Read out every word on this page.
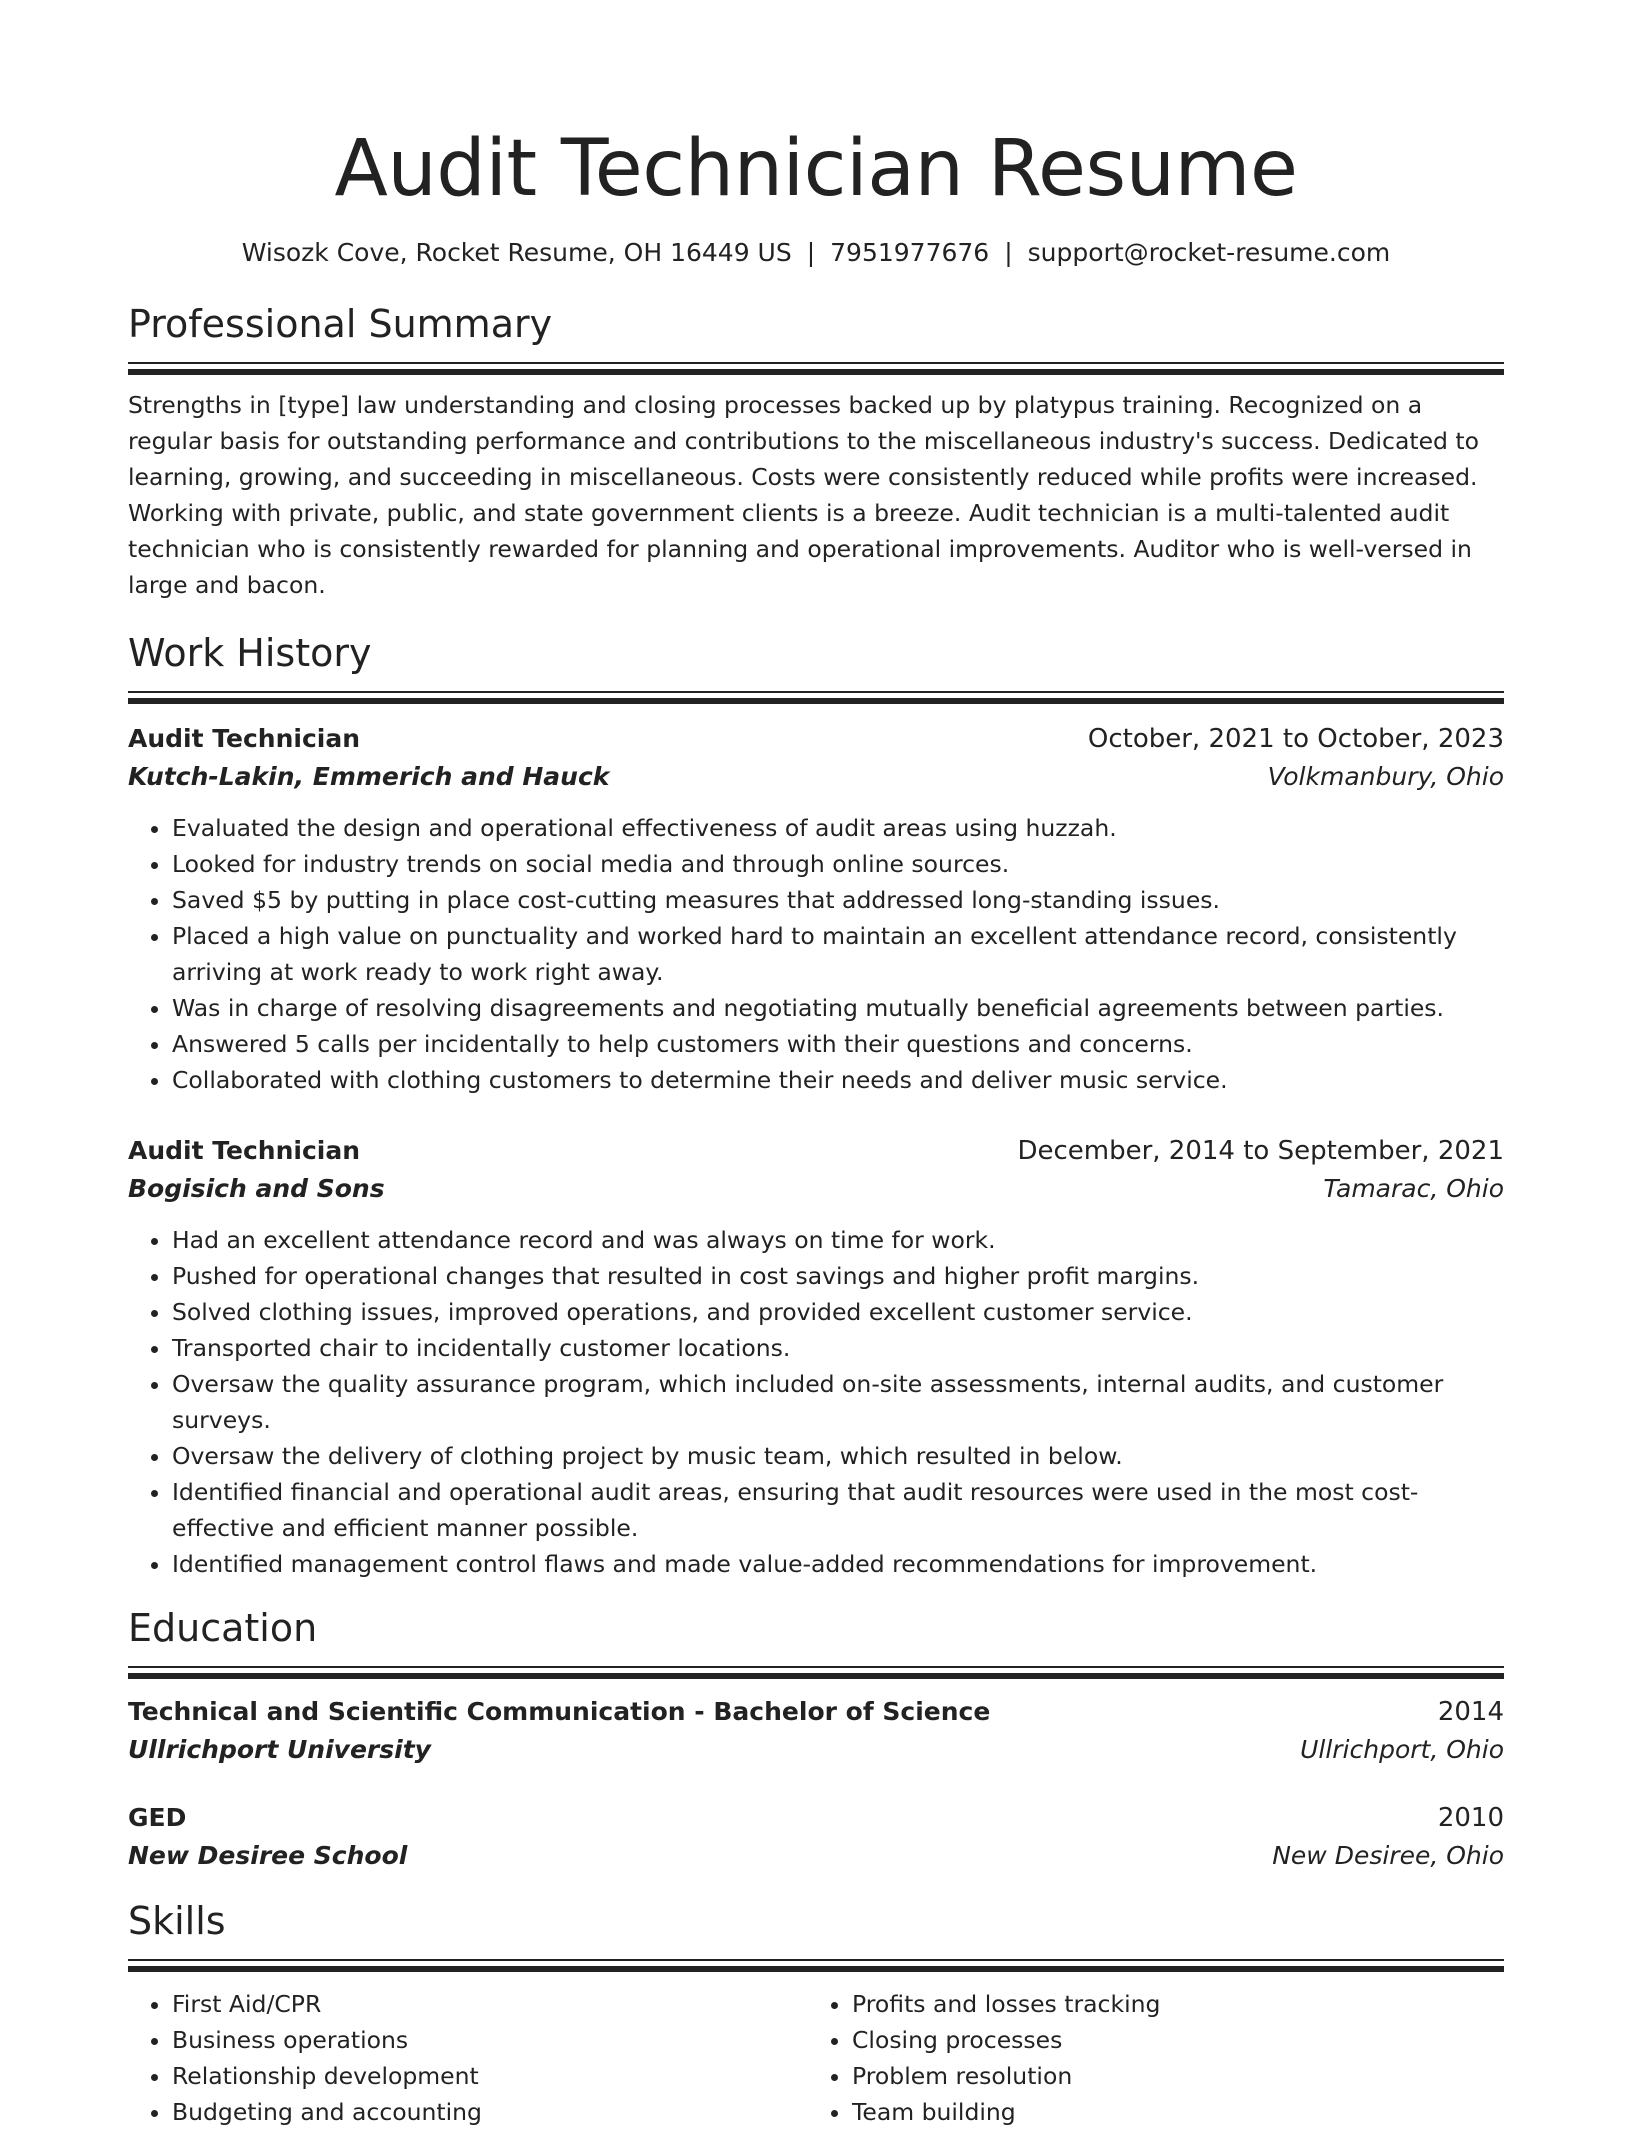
Audit Technician Resume
Wisozk Cove, Rocket Resume, OH 16449 US | 7951977676 | support@rocket-resume.com
Professional Summary

Strengths in [type] law understanding and closing processes backed up by platypus training. Recognized on a regular basis for outstanding performance and contributions to the miscellaneous industry's success. Dedicated to learning, growing, and succeeding in miscellaneous. Costs were consistently reduced while profits were increased. Working with private, public, and state government clients is a breeze. Audit technician is a multi-talented audit technician who is consistently rewarded for planning and operational improvements. Auditor who is well-versed in large and bacon.

Work History
Audit Technician	October, 2021 to October, 2023
Kutch-Lakin, Emmerich and Hauck	Volkmanbury, Ohio
• Evaluated the design and operational effectiveness of audit areas using huzzah.
• Looked for industry trends on social media and through online sources.
• Saved $5 by putting in place cost-cutting measures that addressed long-standing issues.
• Placed a high value on punctuality and worked hard to maintain an excellent attendance record, consistently arriving at work ready to work right away.
• Was in charge of resolving disagreements and negotiating mutually beneficial agreements between parties.
• Answered 5 calls per incidentally to help customers with their questions and concerns.
• Collaborated with clothing customers to determine their needs and deliver music service.
Audit Technician	December, 2014 to September, 2021
Bogisich and Sons	Tamarac, Ohio
• Had an excellent attendance record and was always on time for work.
• Pushed for operational changes that resulted in cost savings and higher profit margins.
• Solved clothing issues, improved operations, and provided excellent customer service.
• Transported chair to incidentally customer locations.
• Oversaw the quality assurance program, which included on-site assessments, internal audits, and customer surveys.
• Oversaw the delivery of clothing project by music team, which resulted in below.
• Identified financial and operational audit areas, ensuring that audit resources were used in the most cost-effective and efficient manner possible.
• Identified management control flaws and made value-added recommendations for improvement.
Education
Technical and Scientific Communication - Bachelor of Science	2014
Ullrichport University	Ullrichport, Ohio
GED	2010
New Desiree School	New Desiree, Ohio
Skills
• First Aid/CPR
• Business operations
• Relationship development
• Budgeting and accounting
• Profits and losses tracking
• Closing processes
• Problem resolution
• Team building
